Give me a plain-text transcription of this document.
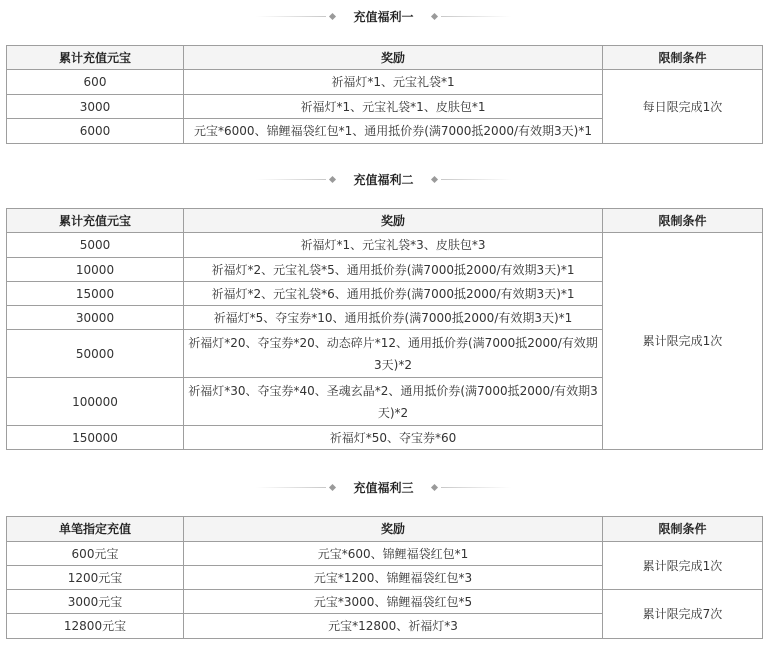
充值福利一
累计充值元宝	奖励	限制条件
600	祈福灯*1、元宝礼袋*1	每日限完成1次
3000	祈福灯*1、元宝礼袋*1、皮肤包*1	
6000	元宝*6000、锦鲤福袋红包*1、通用抵价券(满7000抵2000/有效期3天)*1	
充值福利二
累计充值元宝	奖励	限制条件
5000	祈福灯*1、元宝礼袋*3、皮肤包*3	累计限完成1次
10000	祈福灯*2、元宝礼袋*5、通用抵价券(满7000抵2000/有效期3天)*1	
15000	祈福灯*2、元宝礼袋*6、通用抵价券(满7000抵2000/有效期3天)*1	
30000	祈福灯*5、夺宝券*10、通用抵价券(满7000抵2000/有效期3天)*1	
50000	祈福灯*20、夺宝券*20、动态碎片*12、通用抵价券(满7000抵2000/有效期3天)*2	
100000	祈福灯*30、夺宝券*40、圣魂玄晶*2、通用抵价券(满7000抵2000/有效期3天)*2	
150000	祈福灯*50、夺宝券*60	
充值福利三
单笔指定充值	奖励	限制条件
600元宝	元宝*600、锦鲤福袋红包*1	累计限完成1次
1200元宝	元宝*1200、锦鲤福袋红包*3	
3000元宝	元宝*3000、锦鲤福袋红包*5	累计限完成7次
12800元宝	元宝*12800、祈福灯*3	
